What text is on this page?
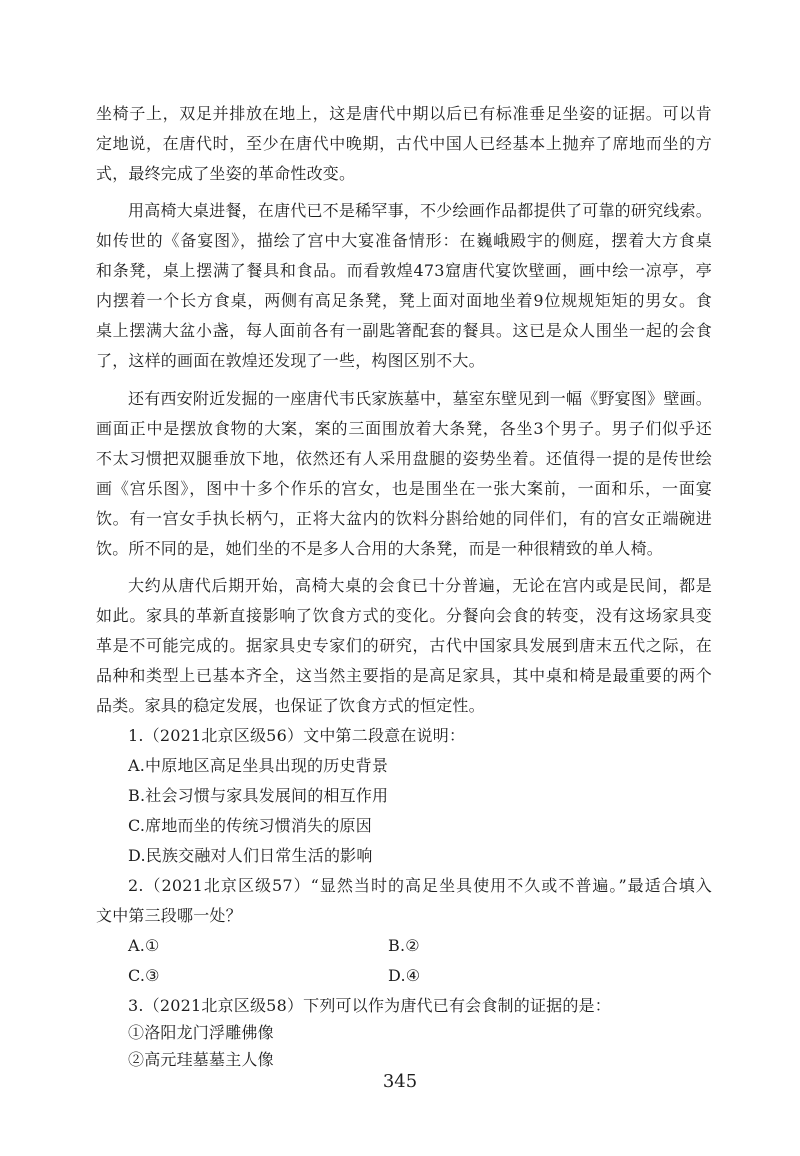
坐椅子上，双足并排放在地上，这是唐代中期以后已有标准垂足坐姿的证据。可以肯
定地说，在唐代时，至少在唐代中晚期，古代中国人已经基本上抛弃了席地而坐的方
式，最终完成了坐姿的革命性改变。
用高椅大桌进餐，在唐代已不是稀罕事，不少绘画作品都提供了可靠的研究线索。
如传世的《备宴图》，描绘了宫中大宴准备情形：在巍峨殿宇的侧庭，摆着大方食桌
和条凳，桌上摆满了餐具和食品。而看敦煌473窟唐代宴饮壁画，画中绘一凉亭，亭
内摆着一个长方食桌，两侧有高足条凳，凳上面对面地坐着9位规规矩矩的男女。食
桌上摆满大盆小盏，每人面前各有一副匙箸配套的餐具。这已是众人围坐一起的会食
了，这样的画面在敦煌还发现了一些，构图区别不大。
还有西安附近发掘的一座唐代韦氏家族墓中，墓室东壁见到一幅《野宴图》壁画。
画面正中是摆放食物的大案，案的三面围放着大条凳，各坐3个男子。男子们似乎还
不太习惯把双腿垂放下地，依然还有人采用盘腿的姿势坐着。还值得一提的是传世绘
画《宫乐图》，图中十多个作乐的宫女，也是围坐在一张大案前，一面和乐，一面宴
饮。有一宫女手执长柄勺，正将大盆内的饮料分斟给她的同伴们，有的宫女正端碗进
饮。所不同的是，她们坐的不是多人合用的大条凳，而是一种很精致的单人椅。
大约从唐代后期开始，高椅大桌的会食已十分普遍，无论在宫内或是民间，都是
如此。家具的革新直接影响了饮食方式的变化。分餐向会食的转变，没有这场家具变
革是不可能完成的。据家具史专家们的研究，古代中国家具发展到唐末五代之际，在
品种和类型上已基本齐全，这当然主要指的是高足家具，其中桌和椅是最重要的两个
品类。家具的稳定发展，也保证了饮食方式的恒定性。
1.（2021北京区级56）文中第二段意在说明：
A.中原地区高足坐具出现的历史背景
B.社会习惯与家具发展间的相互作用
C.席地而坐的传统习惯消失的原因
D.民族交融对人们日常生活的影响
2.（2021北京区级57）“显然当时的高足坐具使用不久或不普遍。”最适合填入
文中第三段哪一处？
A.①	B.②
C.③	D.④
3.（2021北京区级58）下列可以作为唐代已有会食制的证据的是：
①洛阳龙门浮雕佛像
②高元珪墓墓主人像
345
